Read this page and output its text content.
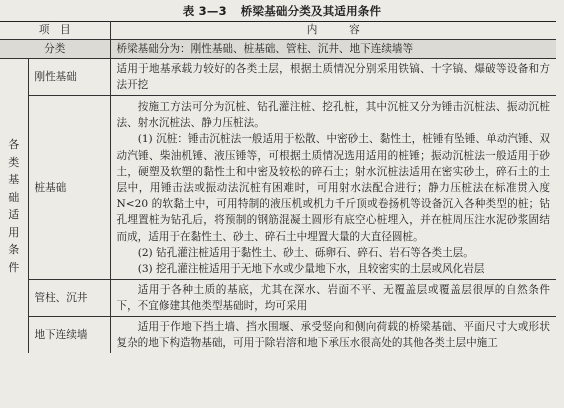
表 3—3 桥梁基础分类及其适用条件
项　目		内　　　容
分类		桥梁基础分为：刚性基础、桩基础、管柱、沉井、地下连续墙等

各类基础适用条件	刚性基础	适用于地基承载力较好的各类土层，根据土质情况分别采用铁镐、十字镐、爆破等设备和方法开挖
	桩基础	按施工方法可分为沉桩、钻孔灌注桩、挖孔桩，其中沉桩又分为锤击沉桩法、振动沉桩法、射水沉桩法、静力压桩法。

(1) 沉桩：锤击沉桩法一般适用于松散、中密砂土、黏性土，桩锤有坠锤、单动汽锤、双动汽锤、柴油机锤、液压锤等，可根据土质情况选用适用的桩锤；振动沉桩法一般适用于砂土，硬塑及软塑的黏性土和中密及较松的碎石土；射水沉桩法适用在密实砂土，碎石土的土层中，用锤击法或振动法沉桩有困难时，可用射水法配合进行；静力压桩法在标准贯入度 N<20 的软黏土中，可用特制的液压机或机力千斤顶或卷扬机等设备沉入各种类型的桩；钻孔埋置桩为钻孔后，将预制的钢筋混凝土圆形有底空心桩埋入，并在桩周压注水泥砂浆固结而成，适用于在黏性土、砂土、碎石土中埋置大量的大直径圆桩。

(2) 钻孔灌注桩适用于黏性土、砂土、砾卵石、碎石、岩石等各类土层。

(3) 挖孔灌注桩适用于无地下水或少量地下水，且较密实的土层或风化岩层

	管柱、沉井	适用于各种土质的基底，尤其在深水、岩面不平、无覆盖层或覆盖层很厚的自然条件下，不宜修建其他类型基础时，均可采用
	地下连续墙	适用于作地下挡土墙、挡水围堰、承受竖向和侧向荷载的桥梁基础、平面尺寸大或形状复杂的地下构造物基础，可用于除岩溶和地下承压水很高处的其他各类土层中施工
